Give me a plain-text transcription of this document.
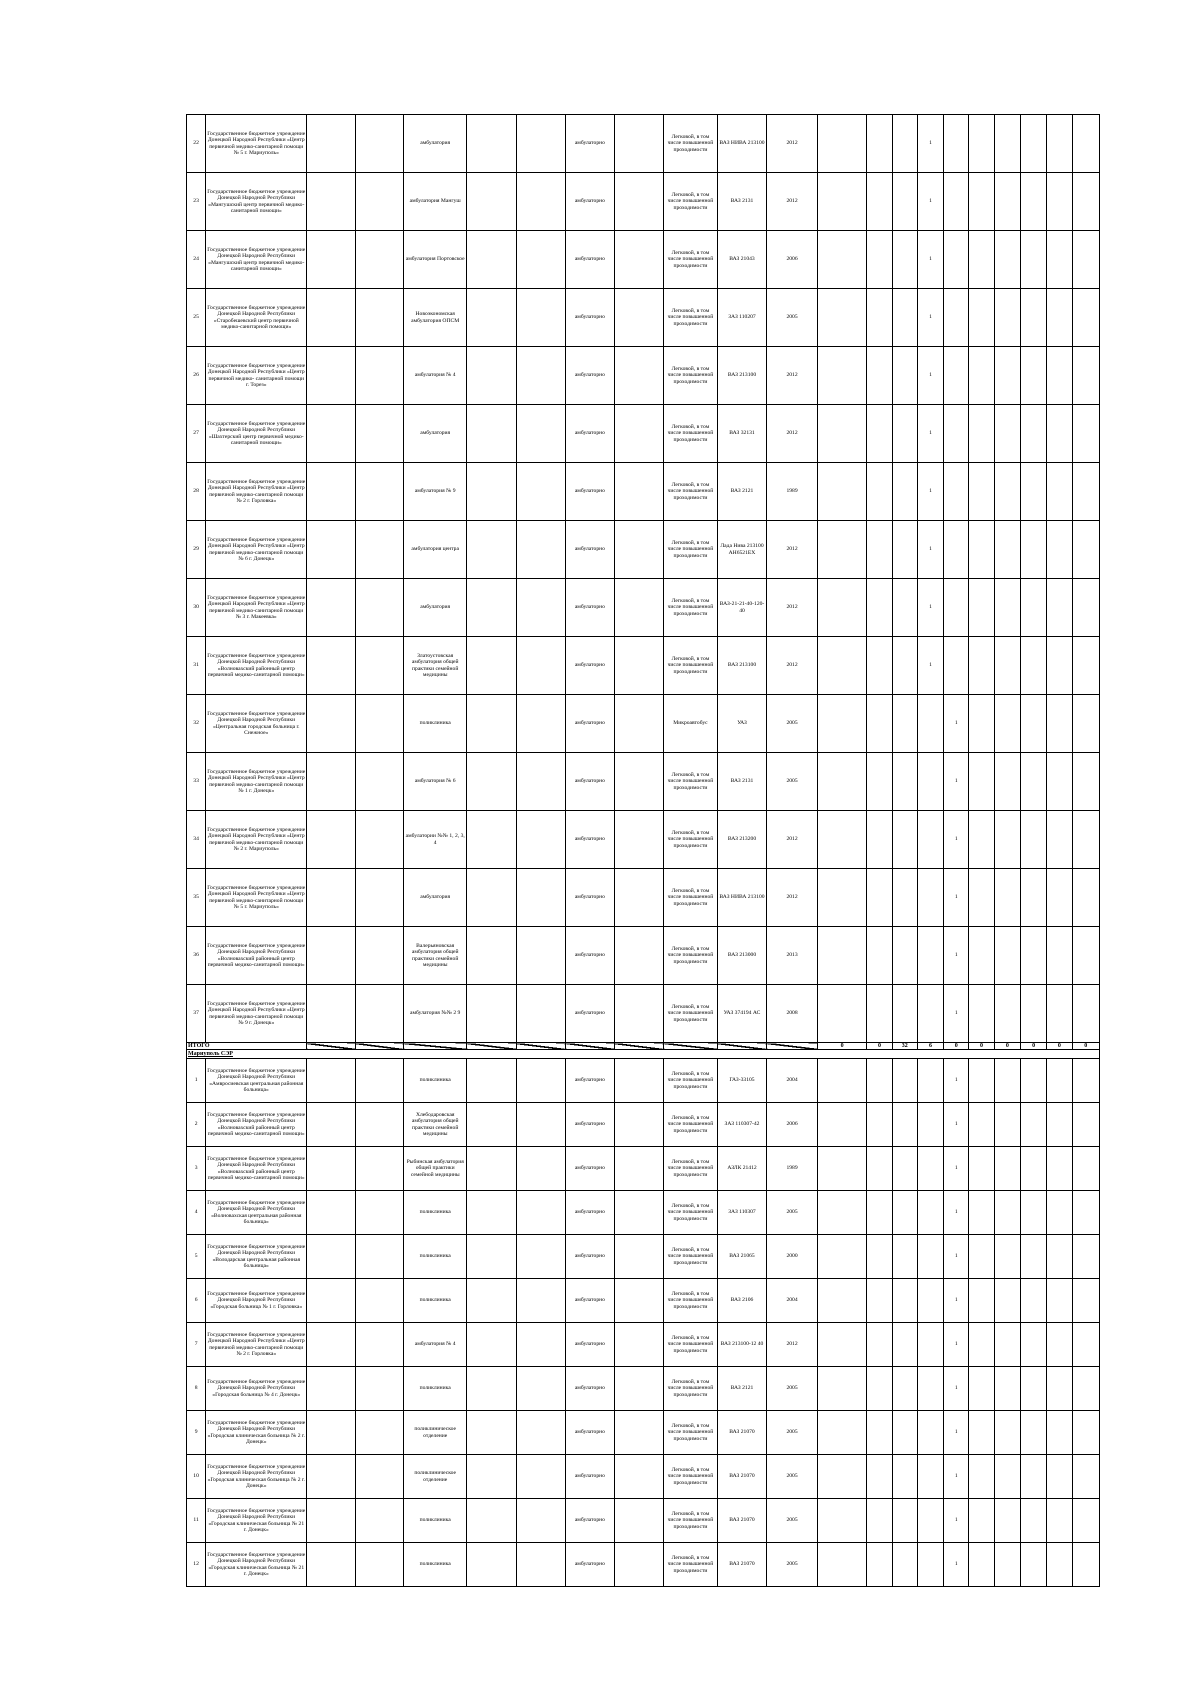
22	Государственное бюджетное учреждение Донецкой Народной Республики «Центр первичной медико-санитарной помощи № 5 г. Мариуполь»			амбулатория			амбулаторно		Легковой, в том числе повышенной проходимости	ВАЗ НИВА 213100	2012				1						
23	Государственное бюджетное учреждение Донецкой Народной Республики «Мангушский центр первичной медико-санитарной помощи»			амбулатория Мангуш			амбулаторно		Легковой, в том числе повышенной проходимости	ВАЗ 2131	2012				1						
24	Государственное бюджетное учреждение Донецкой Народной Республики «Мангушский центр первичной медико-санитарной помощи»			амбулатория Портовское			амбулаторно		Легковой, в том числе повышенной проходимости	ВАЗ 21043	2006				1						
25	Государственное бюджетное учреждение Донецкой Народной Республики «Старобешевский центр первичной медико-санитарной помощи»			Новоэкономская амбулатория ОПСМ			амбулаторно		Легковой, в том числе повышенной проходимости	ЗАЗ 110207	2005				1						
26	Государственное бюджетное учреждение Донецкой Народной Республики «Центр первичной медико- санитарной помощи г. Торез»			амбулатория № 4			амбулаторно		Легковой, в том числе повышенной проходимости	ВАЗ 213100	2012				1						
27	Государственное бюджетное учреждение Донецкой Народной Республики «Шахтерский центр первичной медико-санитарной помощи»			амбулатория			амбулаторно		Легковой, в том числе повышенной проходимости	ВАЗ 32131	2012				1						
28	Государственное бюджетное учреждение Донецкой Народной Республики «Центр первичной медико-санитарной помощи № 2 г. Горловка»			амбулатория № 9			амбулаторно		Легковой, в том числе повышенной проходимости	ВАЗ 2121	1989				1						
29	Государственное бюджетное учреждение Донецкой Народной Республики «Центр первичной медико-санитарной помощи № 6 г. Донецк»			амбулатория центра			амбулаторно		Легковой, в том числе повышенной проходимости	Лада Нива 213100 АН6521ЕХ	2012				1						
30	Государственное бюджетное учреждение Донецкой Народной Республики «Центр первичной медико-санитарной помощи № 3 г. Макеевка»			амбулатория			амбулаторно		Легковой, в том числе повышенной проходимости	ВАЗ-21-21-40-120-40	2012				1						
31	Государственное бюджетное учреждение Донецкой Народной Республики «Волновахский районный центр первичной медико-санитарной помощи»			Златоустовская амбулатория общей практики семейной медицины			амбулаторно		Легковой, в том числе повышенной проходимости	ВАЗ 213100	2012				1						
32	Государственное бюджетное учреждение Донецкой Народной Республики «Центральная городская больница г. Снежное»			поликлиника			амбулаторно		Микроавтобус	УАЗ	2005					1					
33	Государственное бюджетное учреждение Донецкой Народной Республики «Центр первичной медико-санитарной помощи № 1 г. Донецк»			амбулатория № 6			амбулаторно		Легковой, в том числе повышенной проходимости	ВАЗ 2131	2005					1					
34	Государственное бюджетное учреждение Донецкой Народной Республики «Центр первичной медико-санитарной помощи № 2 г. Мариуполь»			амбулатории №№ 1, 2, 3, 4			амбулаторно		Легковой, в том числе повышенной проходимости	ВАЗ 213200	2012					1					
35	Государственное бюджетное учреждение Донецкой Народной Республики «Центр первичной медико-санитарной помощи № 5 г. Мариуполь»			амбулатория			амбулаторно		Легковой, в том числе повышенной проходимости	ВАЗ НИВА 213100	2012					1					
36	Государственное бюджетное учреждение Донецкой Народной Республики «Волновахский районный центр первичной медико-санитарной помощи»			Валерьяновская амбулатория общей практики семейной медицины			амбулаторно		Легковой, в том числе повышенной проходимости	ВАЗ 213000	2013					1					
37	Государственное бюджетное учреждение Донецкой Народной Республики «Центр первичной медико-санитарной помощи № 9 г. Донецк»			амбулатория №№ 2 9			амбулаторно		Легковой, в том числе повышенной проходимости	УАЗ 374194 АС	2008					1					
ИТОГО												0	0	32	6	0	0	0	0	0	0
Мариуполь СЭР																					
1	Государственное бюджетное учреждение Донецкой Народной Республики «Амвросиевская центральная районная больница»			поликлиника			амбулаторно		Легковой, в том числе повышенной проходимости	ГАЗ-33105	2004					1					
2	Государственное бюджетное учреждение Донецкой Народной Республики «Волновахский районный центр первичной медико-санитарной помощи»			Хлебодаровская амбулатория общей практики семейной медицины			амбулаторно		Легковой, в том числе повышенной проходимости	ЗАЗ 110307-42	2006					1					
3	Государственное бюджетное учреждение Донецкой Народной Республики «Волновахский районный центр первичной медико-санитарной помощи»			Рыбинская амбулатория общей практики семейной медицины			амбулаторно		Легковой, в том числе повышенной проходимости	АЗЛК 21412	1989					1					
4	Государственное бюджетное учреждение Донецкой Народной Республики «Волновахская центральная районная больница»			поликлиника			амбулаторно		Легковой, в том числе повышенной проходимости	ЗАЗ 110307	2005					1					
5	Государственное бюджетное учреждение Донецкой Народной Республики «Володарская центральная районная больница»			поликлиника			амбулаторно		Легковой, в том числе повышенной проходимости	ВАЗ 21065	2000					1					
6	Государственное бюджетное учреждение Донецкой Народной Республики «Городская больница № 1 г. Горловка»			поликлиника			амбулаторно		Легковой, в том числе повышенной проходимости	ВАЗ 2106	2004					1					
7	Государственное бюджетное учреждение Донецкой Народной Республики «Центр первичной медико-санитарной помощи № 2 г. Горловка»			амбулатория № 4			амбулаторно		Легковой, в том числе повышенной проходимости	ВАЗ 213100-12 40	2012					1					
8	Государственное бюджетное учреждение Донецкой Народной Республики «Городская больница № 4 г. Донецк»			поликлиника			амбулаторно		Легковой, в том числе повышенной проходимости	ВАЗ 2121	2005					1					
9	Государственное бюджетное учреждение Донецкой Народной Республики «Городская клиническая больница № 2 г. Донецк»			поликлиническое отделение			амбулаторно		Легковой, в том числе повышенной проходимости	ВАЗ 21070	2005					1					
10	Государственное бюджетное учреждение Донецкой Народной Республики «Городская клиническая больница № 2 г. Донецк»			поликлиническое отделение			амбулаторно		Легковой, в том числе повышенной проходимости	ВАЗ 21070	2005					1					
11	Государственное бюджетное учреждение Донецкой Народной Республики «Городская клиническая больница № 21 г. Донецк»			поликлиника			амбулаторно		Легковой, в том числе повышенной проходимости	ВАЗ 21070	2005					1					
12	Государственное бюджетное учреждение Донецкой Народной Республики «Городская клиническая больница № 21 г. Донецк»			поликлиника			амбулаторно		Легковой, в том числе повышенной проходимости	ВАЗ 21070	2005					1					
